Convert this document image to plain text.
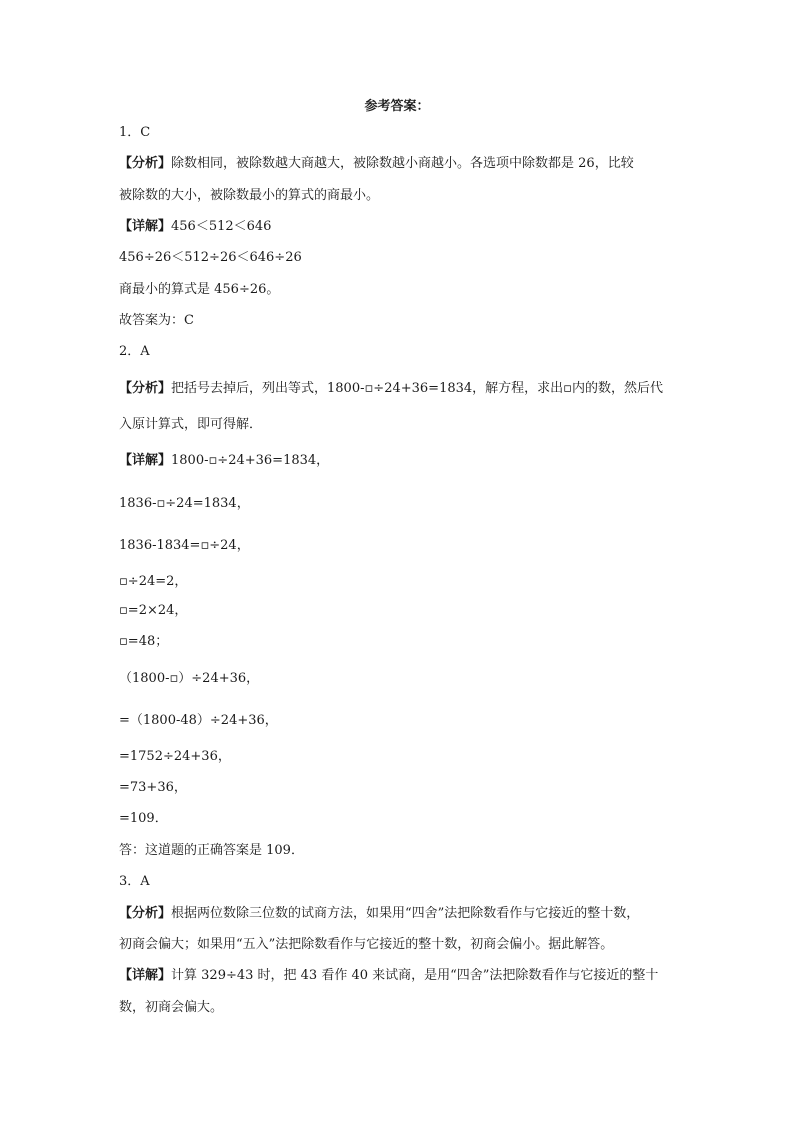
参考答案：
1．C
【分析】除数相同，被除数越大商越大，被除数越小商越小。各选项中除数都是 26，比较
被除数的大小，被除数最小的算式的商最小。
【详解】456＜512＜646
456÷26＜512÷26＜646÷26
商最小的算式是 456÷26。
故答案为：C
2．A
【分析】把括号去掉后，列出等式，1800-▫÷24+36=1834，解方程，求出▫内的数，然后代
入原计算式，即可得解．
【详解】1800-▫÷24+36=1834，
1836-▫÷24=1834，
1836-1834=▫÷24，
▫÷24=2，
▫=2×24，
▫=48；
（1800-▫）÷24+36，
=（1800-48）÷24+36，
=1752÷24+36，
=73+36，
=109．
答：这道题的正确答案是 109．
3．A
【分析】根据两位数除三位数的试商方法，如果用“四舍”法把除数看作与它接近的整十数，
初商会偏大；如果用“五入”法把除数看作与它接近的整十数，初商会偏小。据此解答。
【详解】计算 329÷43 时，把 43 看作 40 来试商，是用“四舍”法把除数看作与它接近的整十
数，初商会偏大。
